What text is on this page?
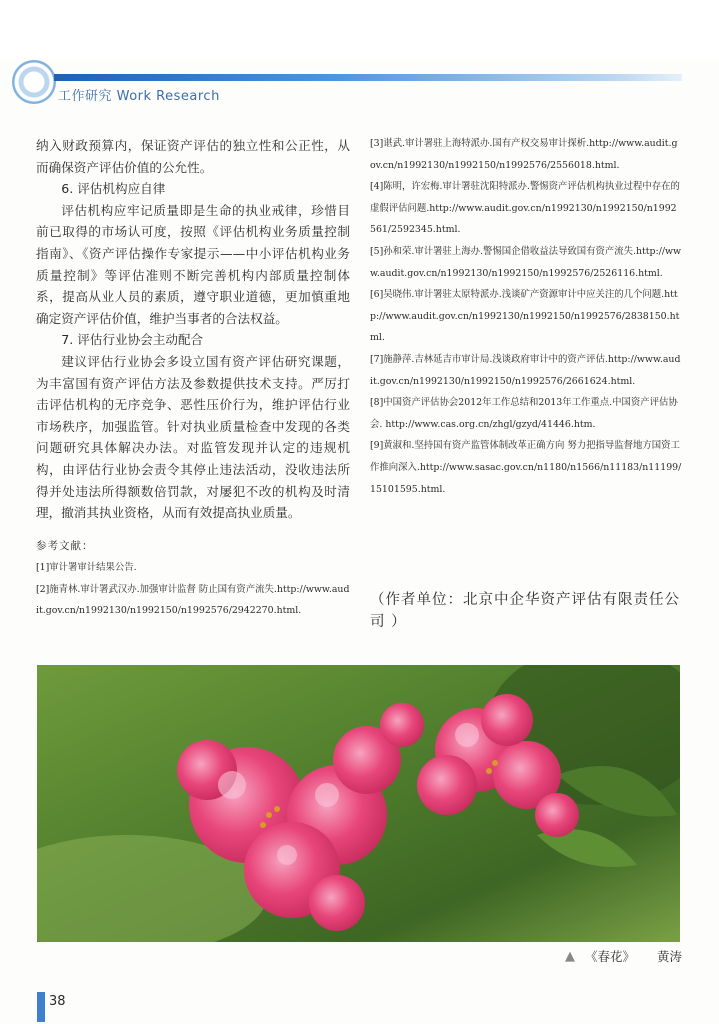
工作研究 Work Research

纳入财政预算内，保证资产评估的独立性和公正性，从而确保资产评估价值的公允性。

6. 评估机构应自律

评估机构应牢记质量即是生命的执业戒律，珍惜目前已取得的市场认可度，按照《评估机构业务质量控制指南》、《资产评估操作专家提示——中小评估机构业务质量控制》等评估准则不断完善机构内部质量控制体系，提高从业人员的素质，遵守职业道德，更加慎重地确定资产评估价值，维护当事者的合法权益。

7. 评估行业协会主动配合

建议评估行业协会多设立国有资产评估研究课题，为丰富国有资产评估方法及参数提供技术支持。严厉打击评估机构的无序竞争、恶性压价行为，维护评估行业市场秩序，加强监管。针对执业质量检查中发现的各类问题研究具体解决办法。对监管发现并认定的违规机构，由评估行业协会责令其停止违法活动，没收违法所得并处违法所得额数倍罚款，对屡犯不改的机构及时清理，撤消其执业资格，从而有效提高执业质量。

参考文献：

[1]审计署审计结果公告.

[2]施青林.审计署武汉办.加强审计监督 防止国有资产流失.http://www.audit.gov.cn/n1992130/n1992150/n1992576/2942270.html.

[3]谌武.审计署驻上海特派办.国有产权交易审计探析.http://www.audit.gov.cn/n1992130/n1992150/n1992576/2556018.html.

[4]陈明，许宏梅.审计署驻沈阳特派办.警惕资产评估机构执业过程中存在的虚假评估问题.http://www.audit.gov.cn/n1992130/n1992150/n1992561/2592345.html.

[5]孙和荣.审计署驻上海办.警惕国企借收益法导致国有资产流失.http://www.audit.gov.cn/n1992130/n1992150/n1992576/2526116.html.

[6]吴晓伟.审计署驻太原特派办.浅谈矿产资源审计中应关注的几个问题.http://www.audit.gov.cn/n1992130/n1992150/n1992576/2838150.html.

[7]施静萍.吉林延吉市审计局.浅谈政府审计中的资产评估.http://www.audit.gov.cn/n1992130/n1992150/n1992576/2661624.html.

[8]中国资产评估协会2012年工作总结和2013年工作重点.中国资产评估协会. http://www.cas.org.cn/zhgl/gzyd/41446.htm.

[9]黄淑和.坚持国有资产监管体制改革正确方向 努力把指导监督地方国资工作推向深入.http://www.sasac.gov.cn/n1180/n1566/n11183/n11199/15101595.html.

（作者单位：北京中企华资产评估有限责任公司 ）
▲ 《春花》 黄涛
38
